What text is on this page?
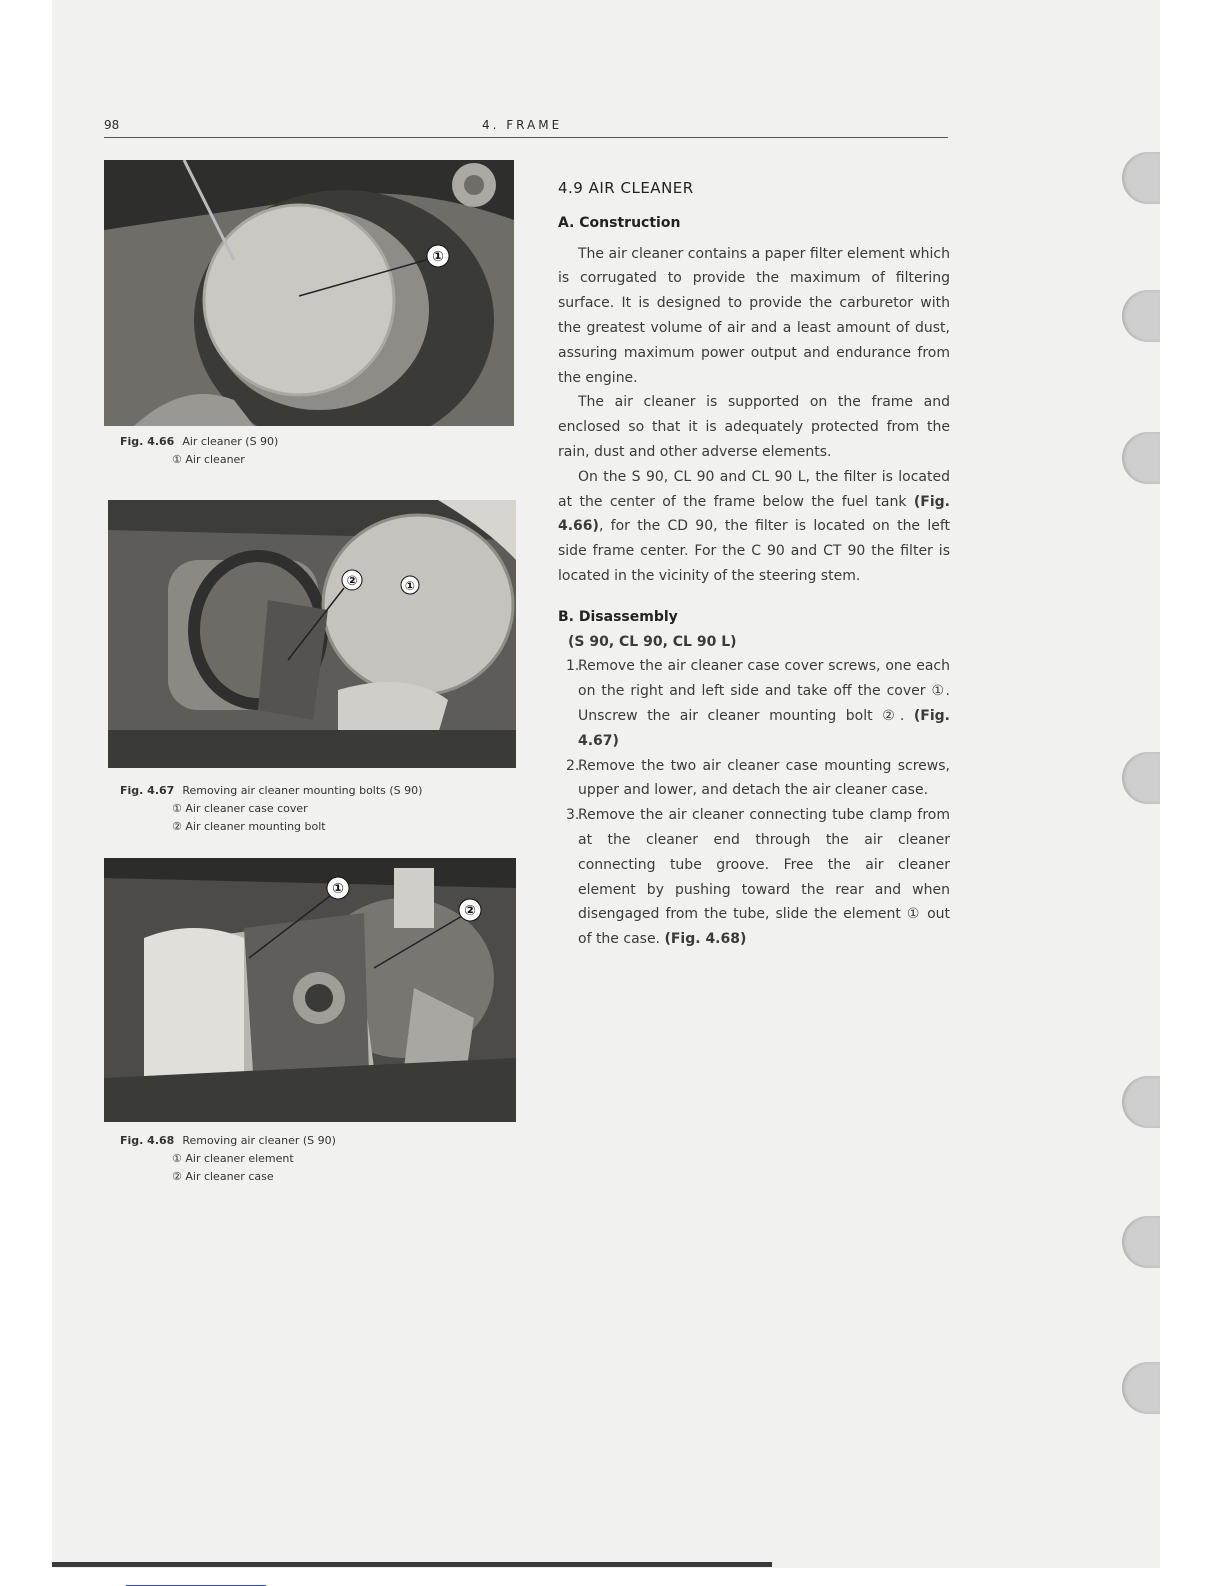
98	4. FRAME
①
Fig. 4.66 Air cleaner (S 90)
① Air cleaner
②	①
Fig. 4.67 Removing air cleaner mounting bolts (S 90)
① Air cleaner case cover
② Air cleaner mounting bolt
①
②
Fig. 4.68 Removing air cleaner (S 90)
① Air cleaner element
② Air cleaner case
4.9 AIR CLEANER
A. Construction

The air cleaner contains a paper filter element which is corrugated to provide the maximum of filtering surface. It is designed to provide the carburetor with the greatest volume of air and a least amount of dust, assuring maximum power output and endurance from the engine.

The air cleaner is supported on the frame and enclosed so that it is adequately protected from the rain, dust and other adverse elements.

On the S 90, CL 90 and CL 90 L, the filter is located at the center of the frame below the fuel tank (Fig. 4.66), for the CD 90, the filter is located on the left side frame center. For the C 90 and CT 90 the filter is located in the vicinity of the steering stem.

B. Disassembly

(S 90, CL 90, CL 90 L)

1.
Remove the air cleaner case cover screws, one each on the right and left side and take off the cover ①. Unscrew the air cleaner mounting bolt ②. (Fig. 4.67)
2.
Remove the two air cleaner case mounting screws, upper and lower, and detach the air cleaner case.
3.
Remove the air cleaner connecting tube clamp from at the cleaner end through the air cleaner connecting tube groove. Free the air cleaner element by pushing toward the rear and when disengaged from the tube, slide the element ① out of the case. (Fig. 4.68)
